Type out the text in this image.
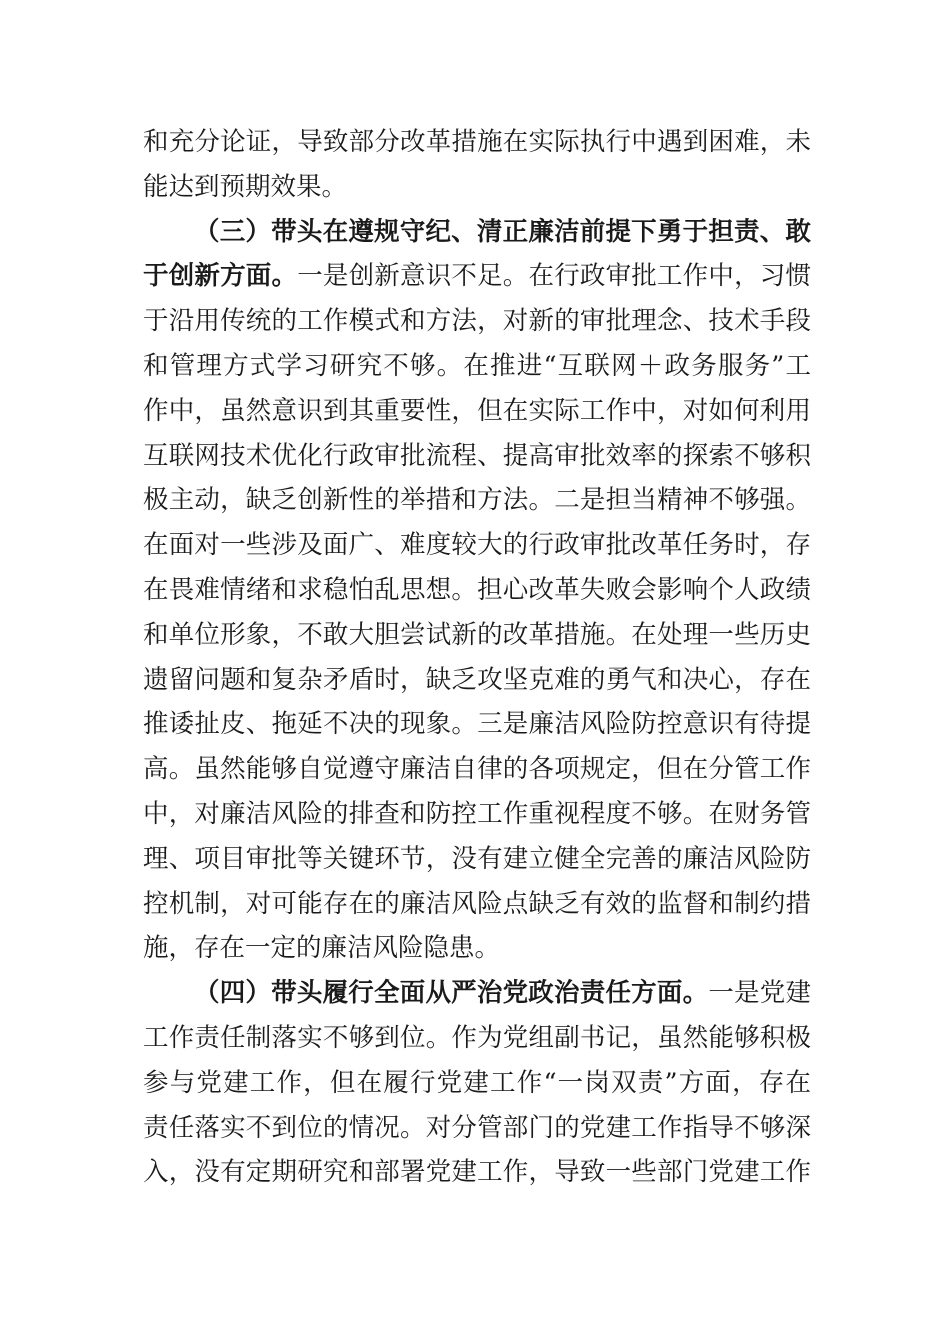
和充分论证，导致部分改革措施在实际执行中遇到困难，未
能达到预期效果。
（三）带头在遵规守纪、清正廉洁前提下勇于担责、敢
于创新方面。一是创新意识不足。在行政审批工作中，习惯
于沿用传统的工作模式和方法，对新的审批理念、技术手段
和管理方式学习研究不够。在推进“互联网＋政务服务”工
作中，虽然意识到其重要性，但在实际工作中，对如何利用
互联网技术优化行政审批流程、提高审批效率的探索不够积
极主动，缺乏创新性的举措和方法。二是担当精神不够强。
在面对一些涉及面广、难度较大的行政审批改革任务时，存
在畏难情绪和求稳怕乱思想。担心改革失败会影响个人政绩
和单位形象，不敢大胆尝试新的改革措施。在处理一些历史
遗留问题和复杂矛盾时，缺乏攻坚克难的勇气和决心，存在
推诿扯皮、拖延不决的现象。三是廉洁风险防控意识有待提
高。虽然能够自觉遵守廉洁自律的各项规定，但在分管工作
中，对廉洁风险的排查和防控工作重视程度不够。在财务管
理、项目审批等关键环节，没有建立健全完善的廉洁风险防
控机制，对可能存在的廉洁风险点缺乏有效的监督和制约措
施，存在一定的廉洁风险隐患。
（四）带头履行全面从严治党政治责任方面。一是党建
工作责任制落实不够到位。作为党组副书记，虽然能够积极
参与党建工作，但在履行党建工作“一岗双责”方面，存在
责任落实不到位的情况。对分管部门的党建工作指导不够深
入，没有定期研究和部署党建工作，导致一些部门党建工作
